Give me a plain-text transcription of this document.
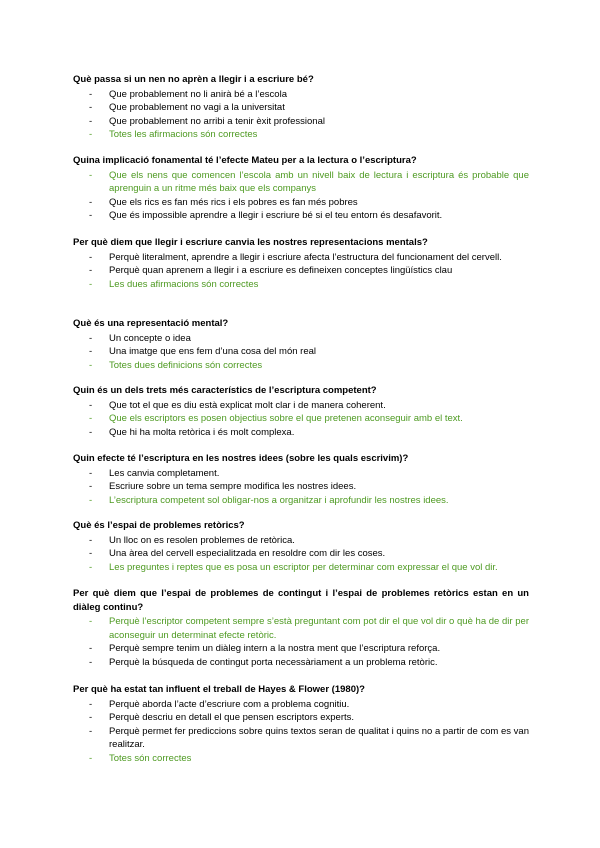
Què passa si un nen no aprèn a llegir i a escriure bé?
- Que probablement no li anirà bé a l’escola
- Que probablement no vagi a la universitat
- Que probablement no arribi a tenir èxit professional
- Totes les afirmacions són correctes
Quina implicació fonamental té l’efecte Mateu per a la lectura o l’escriptura?
- Que els nens que comencen l’escola amb un nivell baix de lectura i escriptura és probable que aprenguin a un ritme més baix que els companys
- Que els rics es fan més rics i els pobres es fan més pobres
- Que és impossible aprendre a llegir i escriure bé si el teu entorn és desafavorit.
Per què diem que llegir i escriure canvia les nostres representacions mentals?
- Perquè literalment, aprendre a llegir i escriure afecta l’estructura del funcionament del cervell.
- Perquè quan aprenem a llegir i a escriure es defineixen conceptes lingüístics clau
- Les dues afirmacions són correctes
Què és una representació mental?
- Un concepte o idea
- Una imatge que ens fem d’una cosa del món real
- Totes dues definicions són correctes
Quin és un dels trets més característics de l’escriptura competent?
- Que tot el que es diu està explicat molt clar i de manera coherent.
- Que els escriptors es posen objectius sobre el que pretenen aconseguir amb el text.
- Que hi ha molta retòrica i és molt complexa.
Quin efecte té l’escriptura en les nostres idees (sobre les quals escrivim)?
- Les canvia completament.
- Escriure sobre un tema sempre modifica les nostres idees.
- L’escriptura competent sol obligar-nos a organitzar i aprofundir les nostres idees.
Què és l’espai de problemes retòrics?
- Un lloc on es resolen problemes de retòrica.
- Una àrea del cervell especialitzada en resoldre com dir les coses.
- Les preguntes i reptes que es posa un escriptor per determinar com expressar el que vol dir.
Per què diem que l’espai de problemes de contingut i l’espai de problemes retòrics estan en un diàleg continu?
- Perquè l’escriptor competent sempre s’està preguntant com pot dir el que vol dir o què ha de dir per aconseguir un determinat efecte retòric.
- Perquè sempre tenim un diàleg intern a la nostra ment que l’escriptura reforça.
- Perquè la búsqueda de contingut porta necessàriament a un problema retòric.
Per què ha estat tan influent el treball de Hayes & Flower (1980)?
- Perquè aborda l’acte d’escriure com a problema cognitiu.
- Perquè descriu en detall el que pensen escriptors experts.
- Perquè permet fer prediccions sobre quins textos seran de qualitat i quins no a partir de com es van realitzar.
- Totes són correctes
